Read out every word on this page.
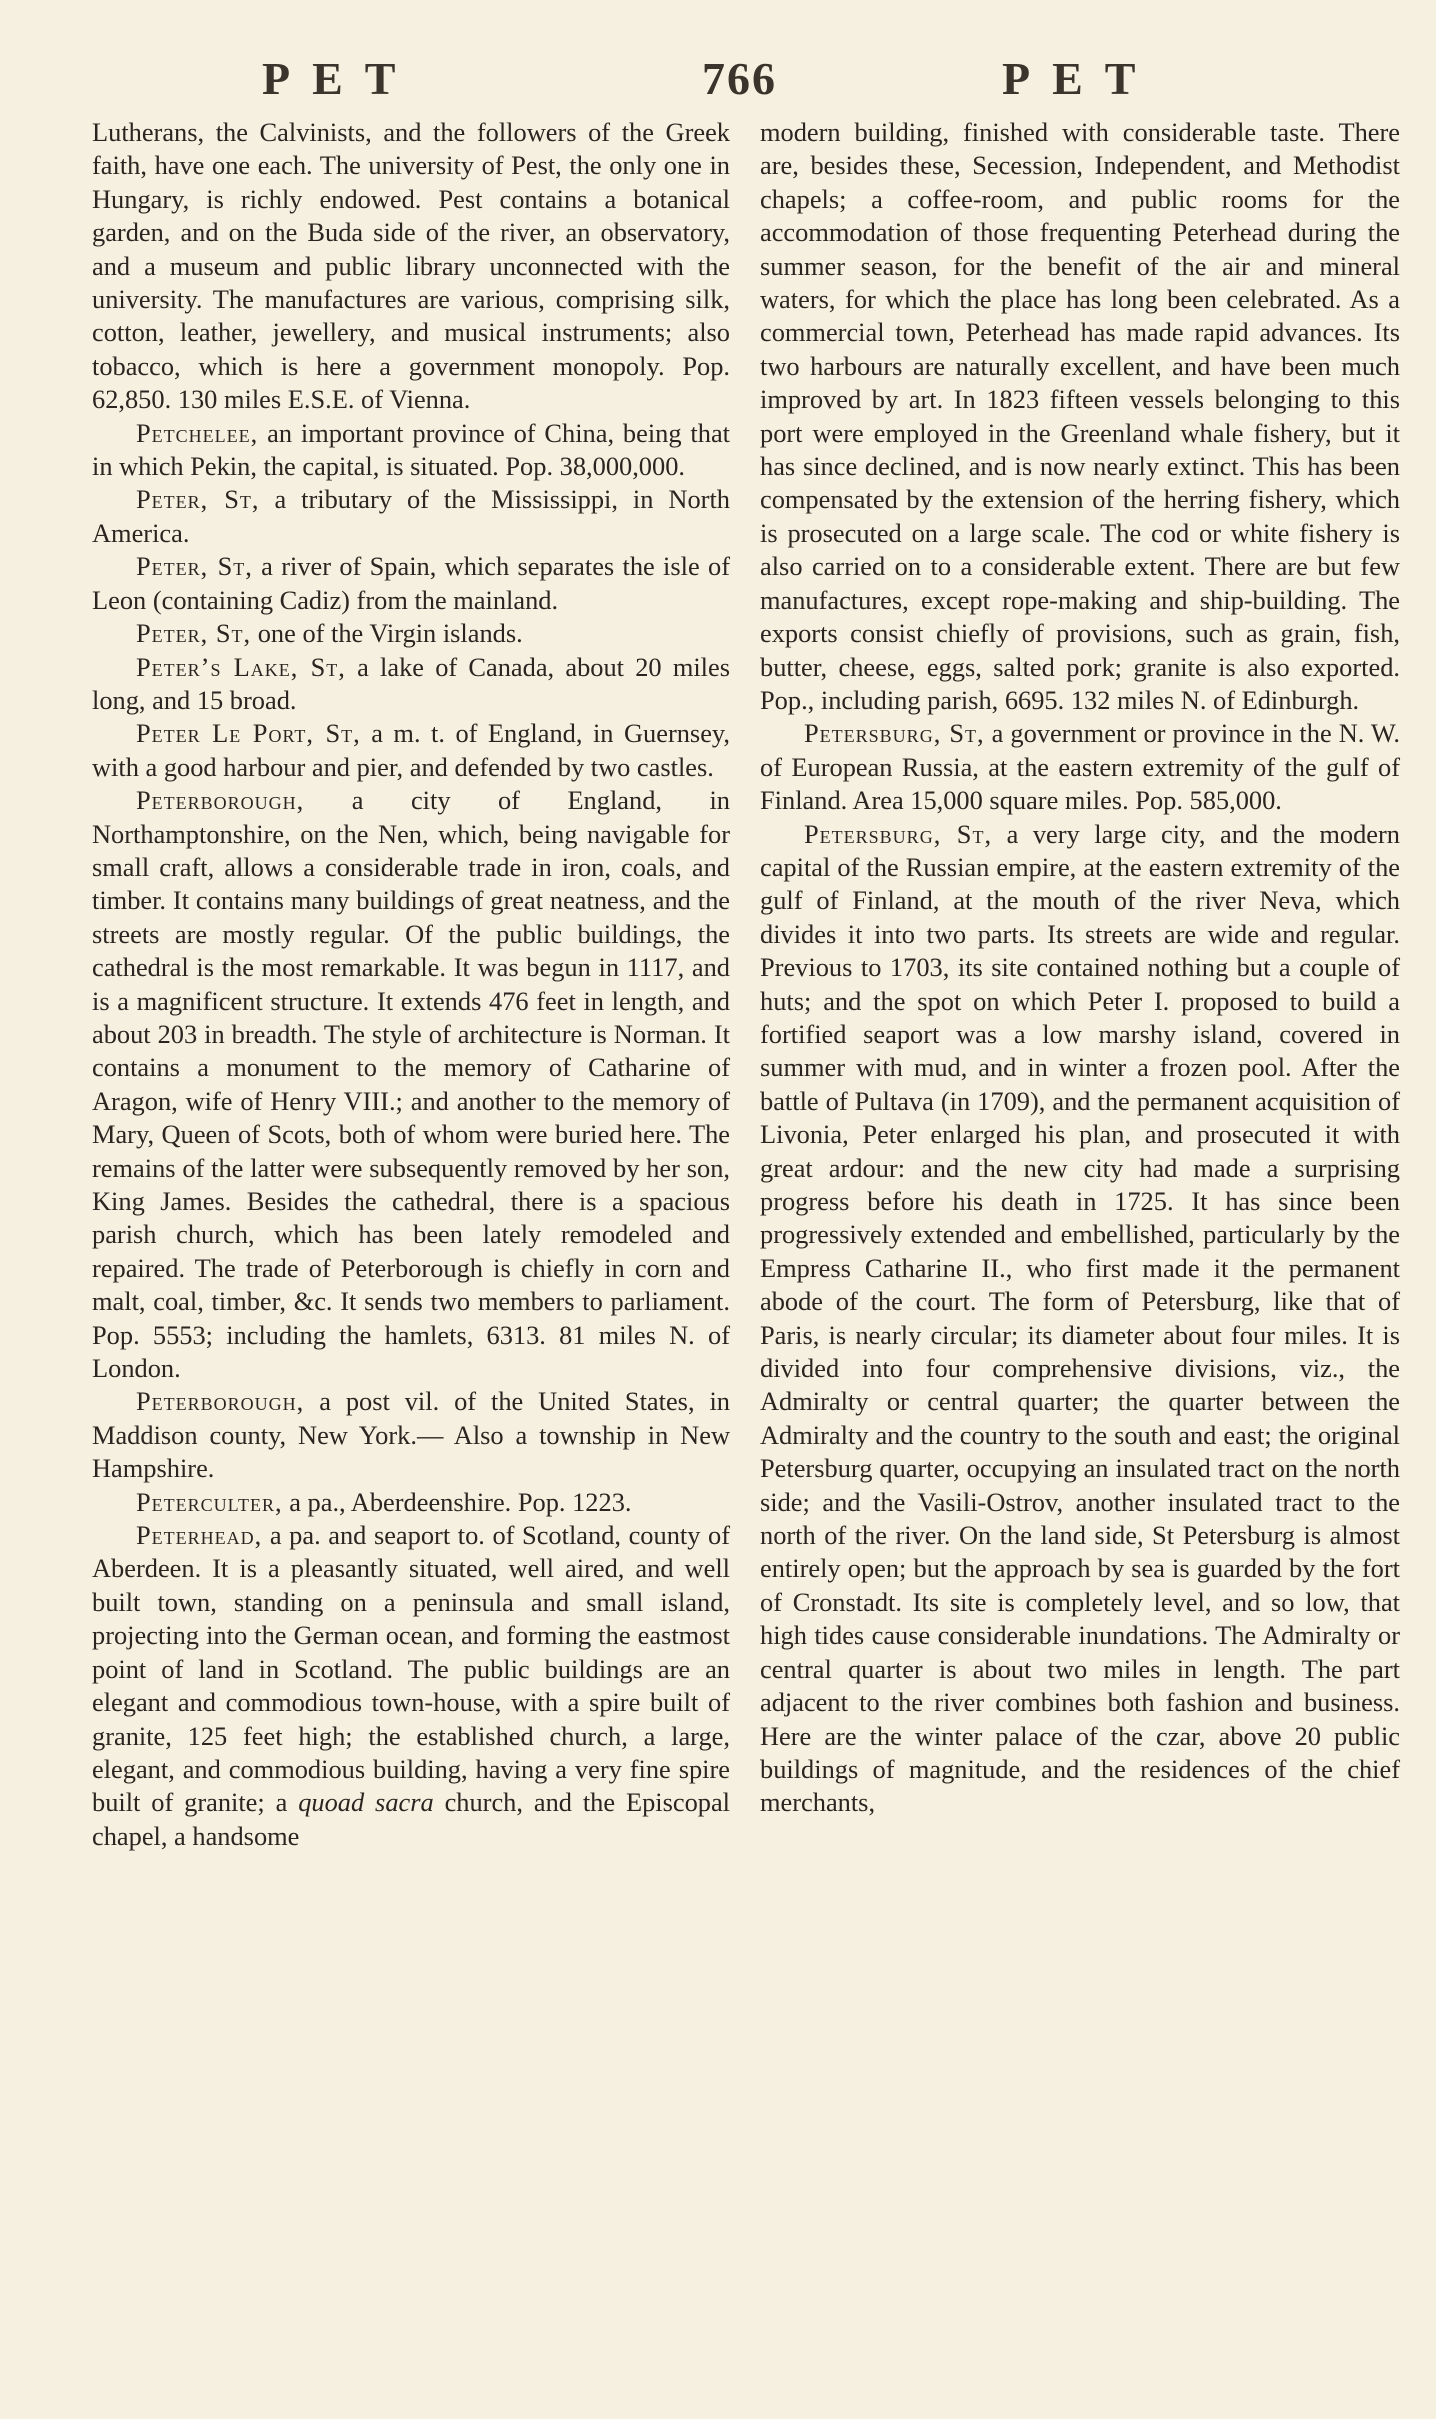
PET	766	PET

Lutherans, the Calvinists, and the followers of the Greek faith, have one each. The university of Pest, the only one in Hungary, is richly endowed. Pest contains a botanical garden, and on the Buda side of the river, an observatory, and a museum and public library unconnected with the university. The manufactures are various, comprising silk, cotton, leather, jewellery, and musical instruments; also tobacco, which is here a government monopoly. Pop. 62,850. 130 miles E.S.E. of Vienna.

Petchelee, an important province of China, being that in which Pekin, the capital, is situated. Pop. 38,000,000.

Peter, St, a tributary of the Mississippi, in North America.

Peter, St, a river of Spain, which separates the isle of Leon (containing Cadiz) from the mainland.

Peter, St, one of the Virgin islands.

Peter’s Lake, St, a lake of Canada, about 20 miles long, and 15 broad.

Peter Le Port, St, a m. t. of England, in Guernsey, with a good harbour and pier, and defended by two castles.

Peterborough, a city of England, in Northamptonshire, on the Nen, which, being navigable for small craft, allows a considerable trade in iron, coals, and timber. It contains many buildings of great neatness, and the streets are mostly regular. Of the public buildings, the cathedral is the most remarkable. It was begun in 1117, and is a magnificent structure. It extends 476 feet in length, and about 203 in breadth. The style of architecture is Norman. It contains a monument to the memory of Catharine of Aragon, wife of Henry VIII.; and another to the memory of Mary, Queen of Scots, both of whom were buried here. The remains of the latter were subsequently removed by her son, King James. Besides the cathedral, there is a spacious parish church, which has been lately remodeled and repaired. The trade of Peterborough is chiefly in corn and malt, coal, timber, &c. It sends two members to parliament. Pop. 5553; including the hamlets, 6313. 81 miles N. of London.

Peterborough, a post vil. of the United States, in Maddison county, New York.— Also a township in New Hampshire.

Peterculter, a pa., Aberdeenshire. Pop. 1223.

Peterhead, a pa. and seaport to. of Scotland, county of Aberdeen. It is a pleasantly situated, well aired, and well built town, standing on a peninsula and small island, projecting into the German ocean, and forming the eastmost point of land in Scotland. The public buildings are an elegant and commodious town-house, with a spire built of granite, 125 feet high; the established church, a large, elegant, and commodious building, having a very fine spire built of granite; a quoad sacra church, and the Episcopal chapel, a handsome

modern building, finished with considerable taste. There are, besides these, Secession, Independent, and Methodist chapels; a coffee-room, and public rooms for the accommodation of those frequenting Peterhead during the summer season, for the benefit of the air and mineral waters, for which the place has long been celebrated. As a commercial town, Peterhead has made rapid advances. Its two harbours are naturally excellent, and have been much improved by art. In 1823 fifteen vessels belonging to this port were employed in the Greenland whale fishery, but it has since declined, and is now nearly extinct. This has been compensated by the extension of the herring fishery, which is prosecuted on a large scale. The cod or white fishery is also carried on to a considerable extent. There are but few manufactures, except rope-making and ship-building. The exports consist chiefly of provisions, such as grain, fish, butter, cheese, eggs, salted pork; granite is also exported. Pop., including parish, 6695. 132 miles N. of Edinburgh.

Petersburg, St, a government or province in the N. W. of European Russia, at the eastern extremity of the gulf of Finland. Area 15,000 square miles. Pop. 585,000.

Petersburg, St, a very large city, and the modern capital of the Russian empire, at the eastern extremity of the gulf of Finland, at the mouth of the river Neva, which divides it into two parts. Its streets are wide and regular. Previous to 1703, its site contained nothing but a couple of huts; and the spot on which Peter I. proposed to build a fortified seaport was a low marshy island, covered in summer with mud, and in winter a frozen pool. After the battle of Pultava (in 1709), and the permanent acquisition of Livonia, Peter enlarged his plan, and prosecuted it with great ardour: and the new city had made a surprising progress before his death in 1725. It has since been progressively extended and embellished, particularly by the Empress Catharine II., who first made it the permanent abode of the court. The form of Petersburg, like that of Paris, is nearly circular; its diameter about four miles. It is divided into four comprehensive divisions, viz., the Admiralty or central quarter; the quarter between the Admiralty and the country to the south and east; the original Petersburg quarter, occupying an insulated tract on the north side; and the Vasili-Ostrov, another insulated tract to the north of the river. On the land side, St Petersburg is almost entirely open; but the approach by sea is guarded by the fort of Cronstadt. Its site is completely level, and so low, that high tides cause considerable inundations. The Admiralty or central quarter is about two miles in length. The part adjacent to the river combines both fashion and business. Here are the winter palace of the czar, above 20 public buildings of magnitude, and the residences of the chief merchants,
